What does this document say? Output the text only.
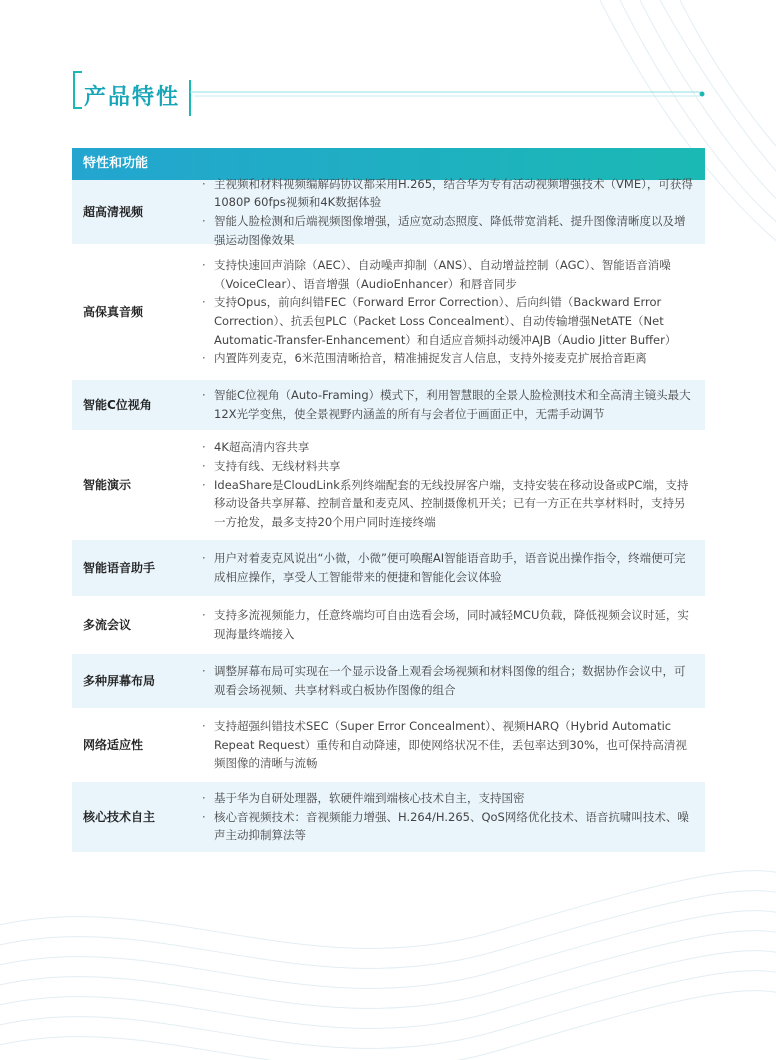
产品特性
特性和功能
超高清视频
· 主视频和材料视频编解码协议都采用H.265，结合华为专有活动视频增强技术（VME），可获得1080P 60fps视频和4K数据体验
· 智能人脸检测和后端视频图像增强，适应宽动态照度、降低带宽消耗、提升图像清晰度以及增强运动图像效果
高保真音频
· 支持快速回声消除（AEC）、自动噪声抑制（ANS）、自动增益控制（AGC）、智能语音消噪（VoiceClear）、语音增强（AudioEnhancer）和唇音同步
· 支持Opus，前向纠错FEC（Forward Error Correction）、后向纠错（Backward Error Correction）、抗丢包PLC（Packet Loss Concealment）、自动传输增强NetATE（Net Automatic-Transfer-Enhancement）和自适应音频抖动缓冲AJB（Audio Jitter Buffer）
· 内置阵列麦克，6米范围清晰拾音，精准捕捉发言人信息，支持外接麦克扩展拾音距离
智能C位视角
· 智能C位视角（Auto-Framing）模式下，利用智慧眼的全景人脸检测技术和全高清主镜头最大12X光学变焦，使全景视野内涵盖的所有与会者位于画面正中，无需手动调节
智能演示
· 4K超高清内容共享
· 支持有线、无线材料共享
· IdeaShare是CloudLink系列终端配套的无线投屏客户端，支持安装在移动设备或PC端，支持移动设备共享屏幕、控制音量和麦克风、控制摄像机开关；已有一方正在共享材料时，支持另一方抢发，最多支持20个用户同时连接终端
智能语音助手
· 用户对着麦克风说出“小微，小微”便可唤醒AI智能语音助手，语音说出操作指令，终端便可完成相应操作，享受人工智能带来的便捷和智能化会议体验
多流会议
· 支持多流视频能力，任意终端均可自由选看会场，同时减轻MCU负载，降低视频会议时延，实现海量终端接入
多种屏幕布局
· 调整屏幕布局可实现在一个显示设备上观看会场视频和材料图像的组合；数据协作会议中，可观看会场视频、共享材料或白板协作图像的组合
网络适应性
· 支持超强纠错技术SEC（Super Error Concealment）、视频HARQ（Hybrid Automatic Repeat Request）重传和自动降速，即使网络状况不佳，丢包率达到30%，也可保持高清视频图像的清晰与流畅
核心技术自主
· 基于华为自研处理器，软硬件端到端核心技术自主，支持国密
· 核心音视频技术：音视频能力增强、H.264/H.265、QoS网络优化技术、语音抗啸叫技术、噪声主动抑制算法等
